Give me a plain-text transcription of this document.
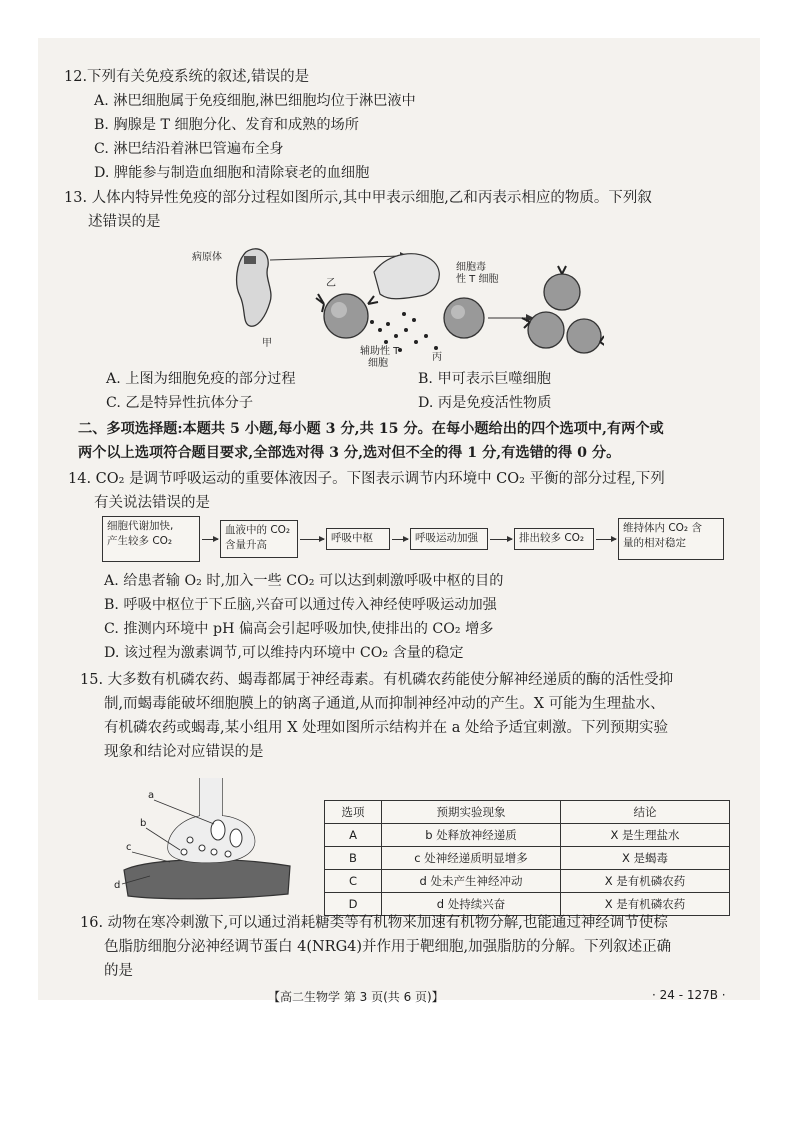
12.下列有关免疫系统的叙述,错误的是
A. 淋巴细胞属于免疫细胞,淋巴细胞均位于淋巴液中
B. 胸腺是 T 细胞分化、发育和成熟的场所
C. 淋巴结沿着淋巴管遍布全身
D. 脾能参与制造血细胞和清除衰老的血细胞
13. 人体内特异性免疫的部分过程如图所示,其中甲表示细胞,乙和丙表示相应的物质。下列叙
述错误的是
病原体
甲
乙
丙
辅助性 T
细胞
细胞毒
性 T 细胞
A. 上图为细胞免疫的部分过程	B. 甲可表示巨噬细胞
C. 乙是特异性抗体分子	D. 丙是免疫活性物质
二、多项选择题:本题共 5 小题,每小题 3 分,共 15 分。在每小题给出的四个选项中,有两个或
两个以上选项符合题目要求,全部选对得 3 分,选对但不全的得 1 分,有选错的得 0 分。
14. CO₂ 是调节呼吸运动的重要体液因子。下图表示调节内环境中 CO₂ 平衡的部分过程,下列
有关说法错误的是
细胞代谢加快,
产生较多 CO₂
血液中的 CO₂
含量升高
呼吸中枢	呼吸运动加强	排出较多 CO₂
维持体内 CO₂ 含
量的相对稳定
A. 给患者输 O₂ 时,加入一些 CO₂ 可以达到刺激呼吸中枢的目的
B. 呼吸中枢位于下丘脑,兴奋可以通过传入神经使呼吸运动加强
C. 推测内环境中 pH 偏高会引起呼吸加快,使排出的 CO₂ 增多
D. 该过程为激素调节,可以维持内环境中 CO₂ 含量的稳定
15. 大多数有机磷农药、蝎毒都属于神经毒素。有机磷农药能使分解神经递质的酶的活性受抑
制,而蝎毒能破坏细胞膜上的钠离子通道,从而抑制神经冲动的产生。X 可能为生理盐水、
有机磷农药或蝎毒,某小组用 X 处理如图所示结构并在 a 处给予适宜刺激。下列预期实验
现象和结论对应错误的是
a
b
c
d
选项	预期实验现象	结论
A	b 处释放神经递质	X 是生理盐水
B	c 处神经递质明显增多	X 是蝎毒
C	d 处未产生神经冲动	X 是有机磷农药
D	d 处持续兴奋	X 是有机磷农药
16. 动物在寒冷刺激下,可以通过消耗糖类等有机物来加速有机物分解,也能通过神经调节使棕
色脂肪细胞分泌神经调节蛋白 4(NRG4)并作用于靶细胞,加强脂肪的分解。下列叙述正确
的是
【高二生物学 第 3 页(共 6 页)】	· 24 - 127B ·
